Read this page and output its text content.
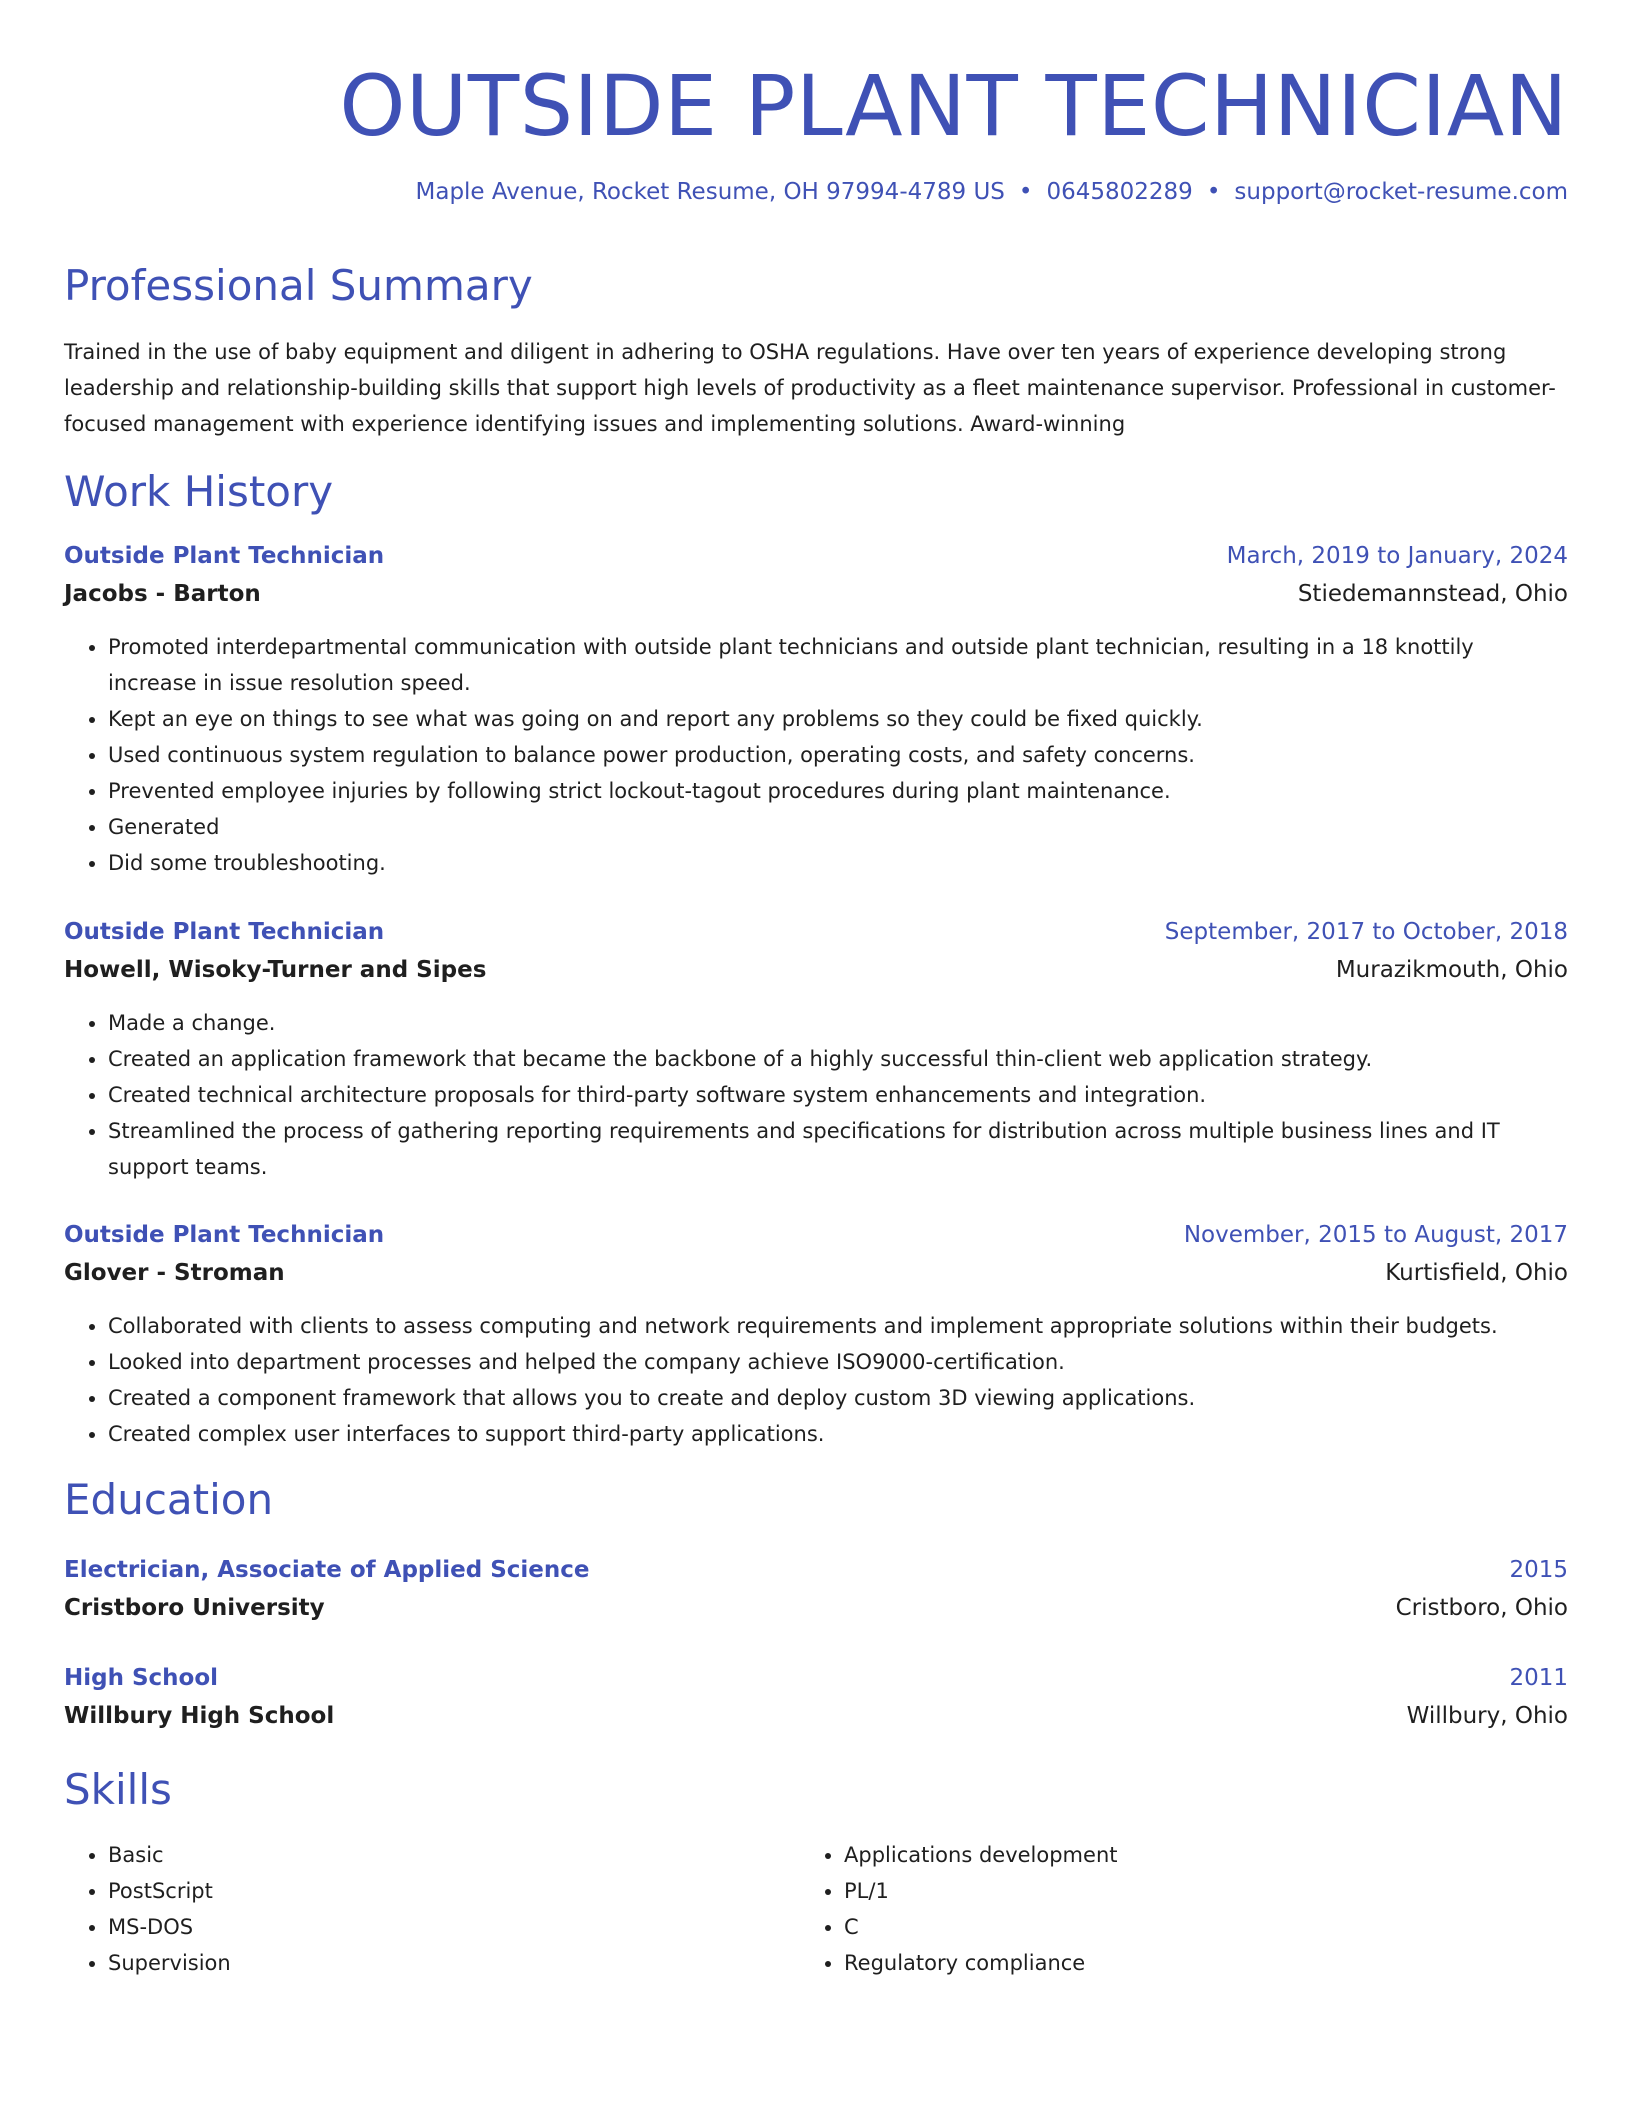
OUTSIDE PLANT TECHNICIAN
Maple Avenue, Rocket Resume, OH 97994-4789 US • 0645802289 • support@rocket-resume.com
Professional Summary

Trained in the use of baby equipment and diligent in adhering to OSHA regulations. Have over ten years of experience developing strong leadership and relationship-building skills that support high levels of productivity as a fleet maintenance supervisor. Professional in customer-focused management with experience identifying issues and implementing solutions. Award-winning

Work History
Outside Plant Technician	March, 2019 to January, 2024
Jacobs - Barton	Stiedemannstead, Ohio
• Promoted interdepartmental communication with outside plant technicians and outside plant technician, resulting in a 18 knottily increase in issue resolution speed.
• Kept an eye on things to see what was going on and report any problems so they could be fixed quickly.
• Used continuous system regulation to balance power production, operating costs, and safety concerns.
• Prevented employee injuries by following strict lockout-tagout procedures during plant maintenance.
• Generated
• Did some troubleshooting.
Outside Plant Technician	September, 2017 to October, 2018
Howell, Wisoky-Turner and Sipes	Murazikmouth, Ohio
• Made a change.
• Created an application framework that became the backbone of a highly successful thin-client web application strategy.
• Created technical architecture proposals for third-party software system enhancements and integration.
• Streamlined the process of gathering reporting requirements and specifications for distribution across multiple business lines and IT support teams.
Outside Plant Technician	November, 2015 to August, 2017
Glover - Stroman	Kurtisfield, Ohio
• Collaborated with clients to assess computing and network requirements and implement appropriate solutions within their budgets.
• Looked into department processes and helped the company achieve ISO9000-certification.
• Created a component framework that allows you to create and deploy custom 3D viewing applications.
• Created complex user interfaces to support third-party applications.
Education
Electrician, Associate of Applied Science	2015
Cristboro University	Cristboro, Ohio
High School	2011
Willbury High School	Willbury, Ohio
Skills
• Basic
• PostScript
• MS-DOS
• Supervision
• Applications development
• PL/1
• C
• Regulatory compliance
